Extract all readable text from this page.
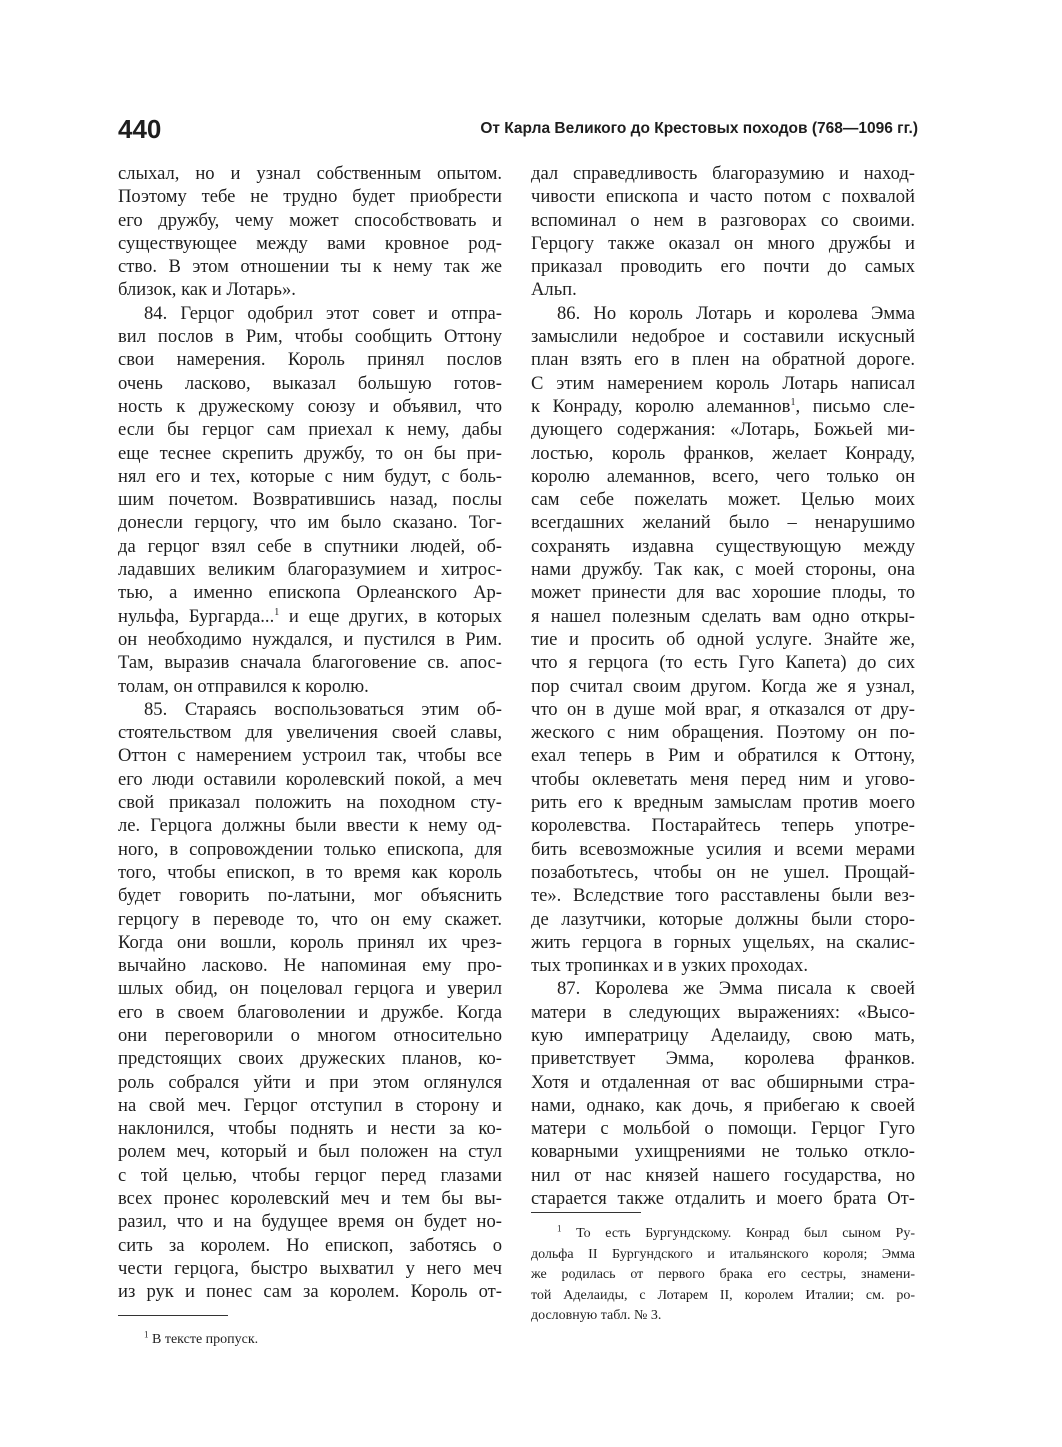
440	От Карла Великого до Крестовых походов (768—1096 гг.)
слыхал, но и узнал собственным опытом.
Поэтому тебе не трудно будет приобрести
его дружбу, чему может способствовать и
существующее между вами кровное род-
ство. В этом отношении ты к нему так же
близок, как и Лотарь».
84. Герцог одобрил этот совет и отпра-
вил послов в Рим, чтобы сообщить Оттону
свои намерения. Король принял послов
очень ласково, выказал большую готов-
ность к дружескому союзу и объявил, что
если бы герцог сам приехал к нему, дабы
еще теснее скрепить дружбу, то он бы при-
нял его и тех, которые с ним будут, с боль-
шим почетом. Возвратившись назад, послы
донесли герцогу, что им было сказано. Тог-
да герцог взял себе в спутники людей, об-
ладавших великим благоразумием и хитрос-
тью, а именно епископа Орлеанского Ар-
нульфа, Бургарда...$^1$ и еще других, в которых
он необходимо нуждался, и пустился в Рим.
Там, выразив сначала благоговение св. апос-
толам, он отправился к королю.
85. Стараясь воспользоваться этим об-
стоятельством для увеличения своей славы,
Оттон с намерением устроил так, чтобы все
его люди оставили королевский покой, а меч
свой приказал положить на походном сту-
ле. Герцога должны были ввести к нему од-
ного, в сопровождении только епископа, для
того, чтобы епископ, в то время как король
будет говорить по-латыни, мог объяснить
герцогу в переводе то, что он ему скажет.
Когда они вошли, король принял их чрез-
вычайно ласково. Не напоминая ему про-
шлых обид, он поцеловал герцога и уверил
его в своем благоволении и дружбе. Когда
они переговорили о многом относительно
предстоящих своих дружеских планов, ко-
роль собрался уйти и при этом оглянулся
на свой меч. Герцог отступил в сторону и
наклонился, чтобы поднять и нести за ко-
ролем меч, который и был положен на стул
с той целью, чтобы герцог перед глазами
всех пронес королевский меч и тем бы вы-
разил, что и на будущее время он будет но-
сить за королем. Но епископ, заботясь о
чести герцога, быстро выхватил у него меч
из рук и понес сам за королем. Король от-
дал справедливость благоразумию и наход-
чивости епископа и часто потом с похвалой
вспоминал о нем в разговорах со своими.
Герцогу также оказал он много дружбы и
приказал проводить его почти до самых
Альп.
86. Но король Лотарь и королева Эмма
замыслили недоброе и составили искусный
план взять его в плен на обратной дороге.
С этим намерением король Лотарь написал
к Конраду, королю алеманнов$^1$, письмо сле-
дующего содержания: «Лотарь, Божьей ми-
лостью, король франков, желает Конраду,
королю алеманнов, всего, чего только он
сам себе пожелать может. Целью моих
всегдашних желаний было – ненарушимо
сохранять издавна существующую между
нами дружбу. Так как, с моей стороны, она
может принести для вас хорошие плоды, то
я нашел полезным сделать вам одно откры-
тие и просить об одной услуге. Знайте же,
что я герцога (то есть Гуго Капета) до сих
пор считал своим другом. Когда же я узнал,
что он в душе мой враг, я отказался от дру-
жеского с ним обращения. Поэтому он по-
ехал теперь в Рим и обратился к Оттону,
чтобы оклеветать меня перед ним и угово-
рить его к вредным замыслам против моего
королевства. Постарайтесь теперь употре-
бить всевозможные усилия и всеми мерами
позаботьтесь, чтобы он не ушел. Прощай-
те». Вследствие того расставлены были вез-
де лазутчики, которые должны были сторо-
жить герцога в горных ущельях, на скалис-
тых тропинках и в узких проходах.
87. Королева же Эмма писала к своей
матери в следующих выражениях: «Высо-
кую императрицу Аделаиду, свою мать,
приветствует Эмма, королева франков.
Хотя и отдаленная от вас обширными стра-
нами, однако, как дочь, я прибегаю к своей
матери с мольбой о помощи. Герцог Гуго
коварными ухищрениями не только откло-
нил от нас князей нашего государства, но
старается также отдалить и моего брата От-
$^1$ В тексте пропуск.
$^1$ То есть Бургундскому. Конрад был сыном Ру-
дольфа II Бургундского и итальянского короля; Эмма
же родилась от первого брака его сестры, знамени-
той Аделаиды, с Лотарем II, королем Италии; см. ро-
дословную табл. № 3.
